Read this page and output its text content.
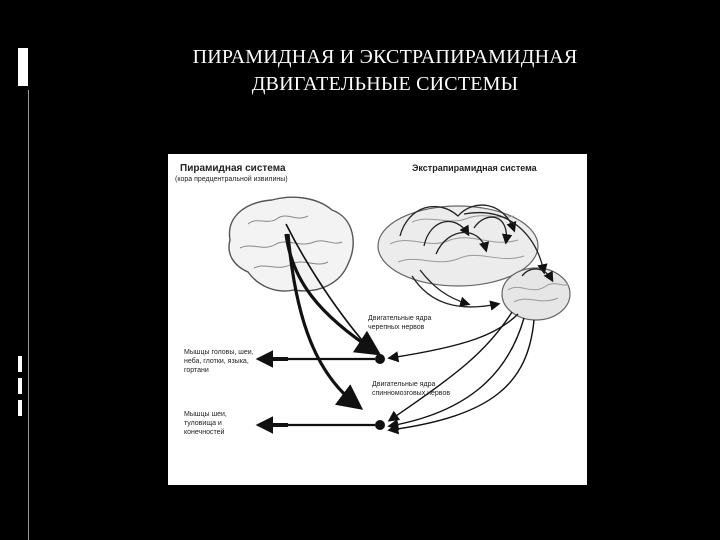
ПИРАМИДНАЯ И ЭКСТРАПИРАМИДНАЯ
ДВИГАТЕЛЬНЫЕ СИСТЕМЫ
Пирамидная система
(кора предцентральной извилины)
Экстрапирамидная система
Двигательные ядра черепных нервов
Двигательные ядра спинномозговых нервов
Мышцы головы, шеи, неба, глотки, языка, гортани
Мышцы шеи, туловища и конечностей
